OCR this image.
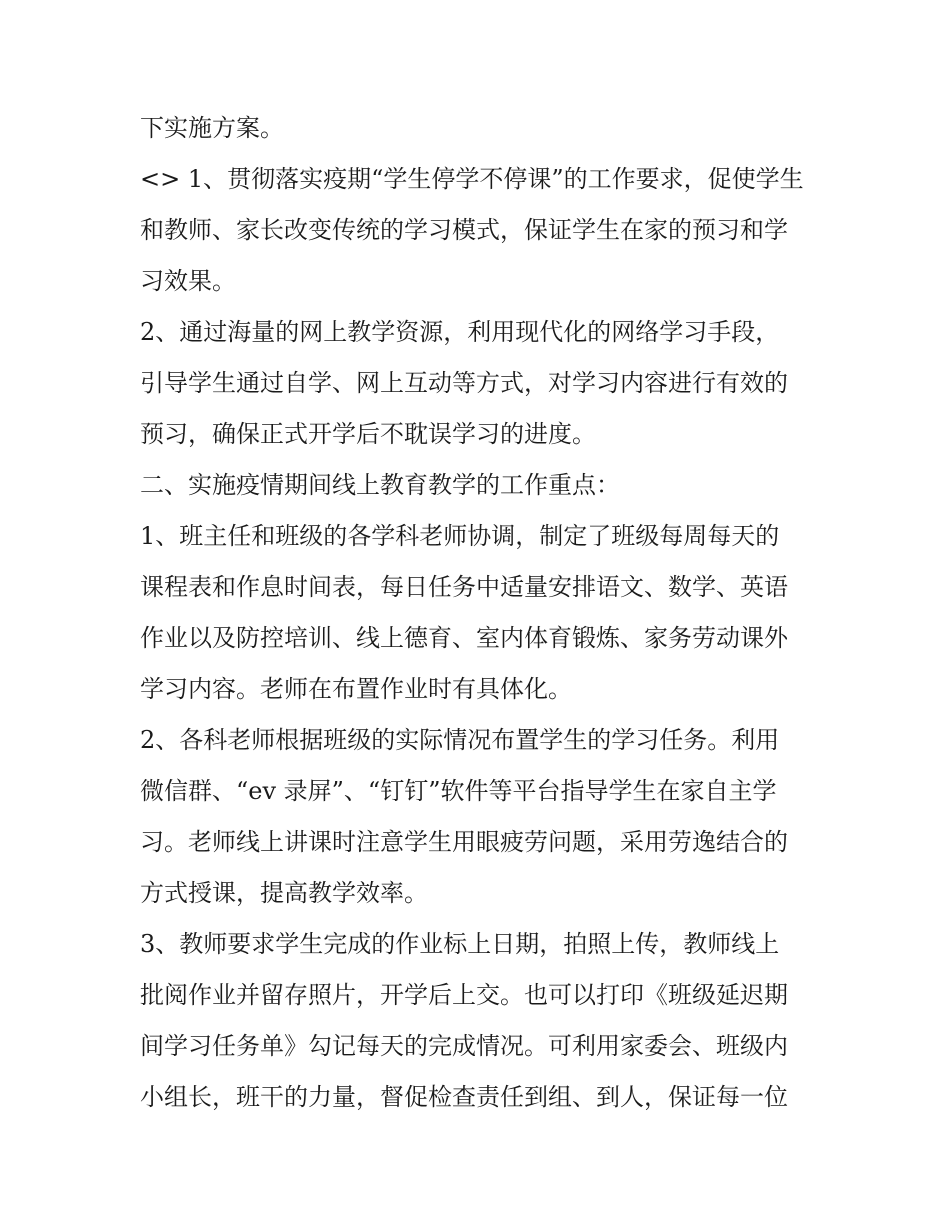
下实施方案。
<> 1、贯彻落实疫期“学生停学不停课”的工作要求，促使学生
和教师、家长改变传统的学习模式，保证学生在家的预习和学
习效果。
2、通过海量的网上教学资源，利用现代化的网络学习手段，
引导学生通过自学、网上互动等方式，对学习内容进行有效的
预习，确保正式开学后不耽误学习的进度。
二、实施疫情期间线上教育教学的工作重点：
1、班主任和班级的各学科老师协调，制定了班级每周每天的
课程表和作息时间表，每日任务中适量安排语文、数学、英语
作业以及防控培训、线上德育、室内体育锻炼、家务劳动课外
学习内容。老师在布置作业时有具体化。
2、各科老师根据班级的实际情况布置学生的学习任务。利用
微信群、“ev 录屏”、“钉钉”软件等平台指导学生在家自主学
习。老师线上讲课时注意学生用眼疲劳问题，采用劳逸结合的
方式授课，提高教学效率。
3、教师要求学生完成的作业标上日期，拍照上传，教师线上
批阅作业并留存照片，开学后上交。也可以打印《班级延迟期
间学习任务单》勾记每天的完成情况。可利用家委会、班级内
小组长，班干的力量，督促检查责任到组、到人，保证每一位
